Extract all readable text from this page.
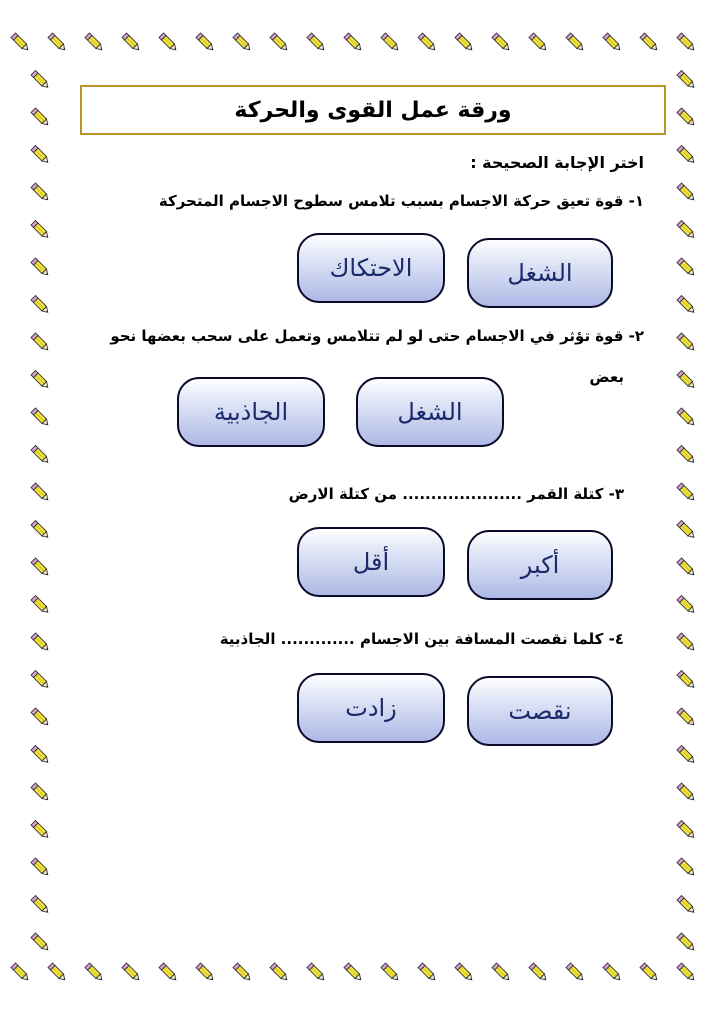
ورقة عمل القوى والحركة
اختر الإجابة الصحيحة :
١- قوة تعيق حركة الاجسام بسبب تلامس سطوح الاجسام المتحركة
الشغل
الاحتكاك
٢- قوة تؤثر في الاجسام حتى لو لم تتلامس وتعمل على سحب بعضها نحو
بعض
الشغل
الجاذبية
٣- كتلة القمر ..................... من كتلة الارض
أكبر
أقل
٤- كلما نقصت المسافة بين الاجسام ............. الجاذبية
نقصت
زادت
